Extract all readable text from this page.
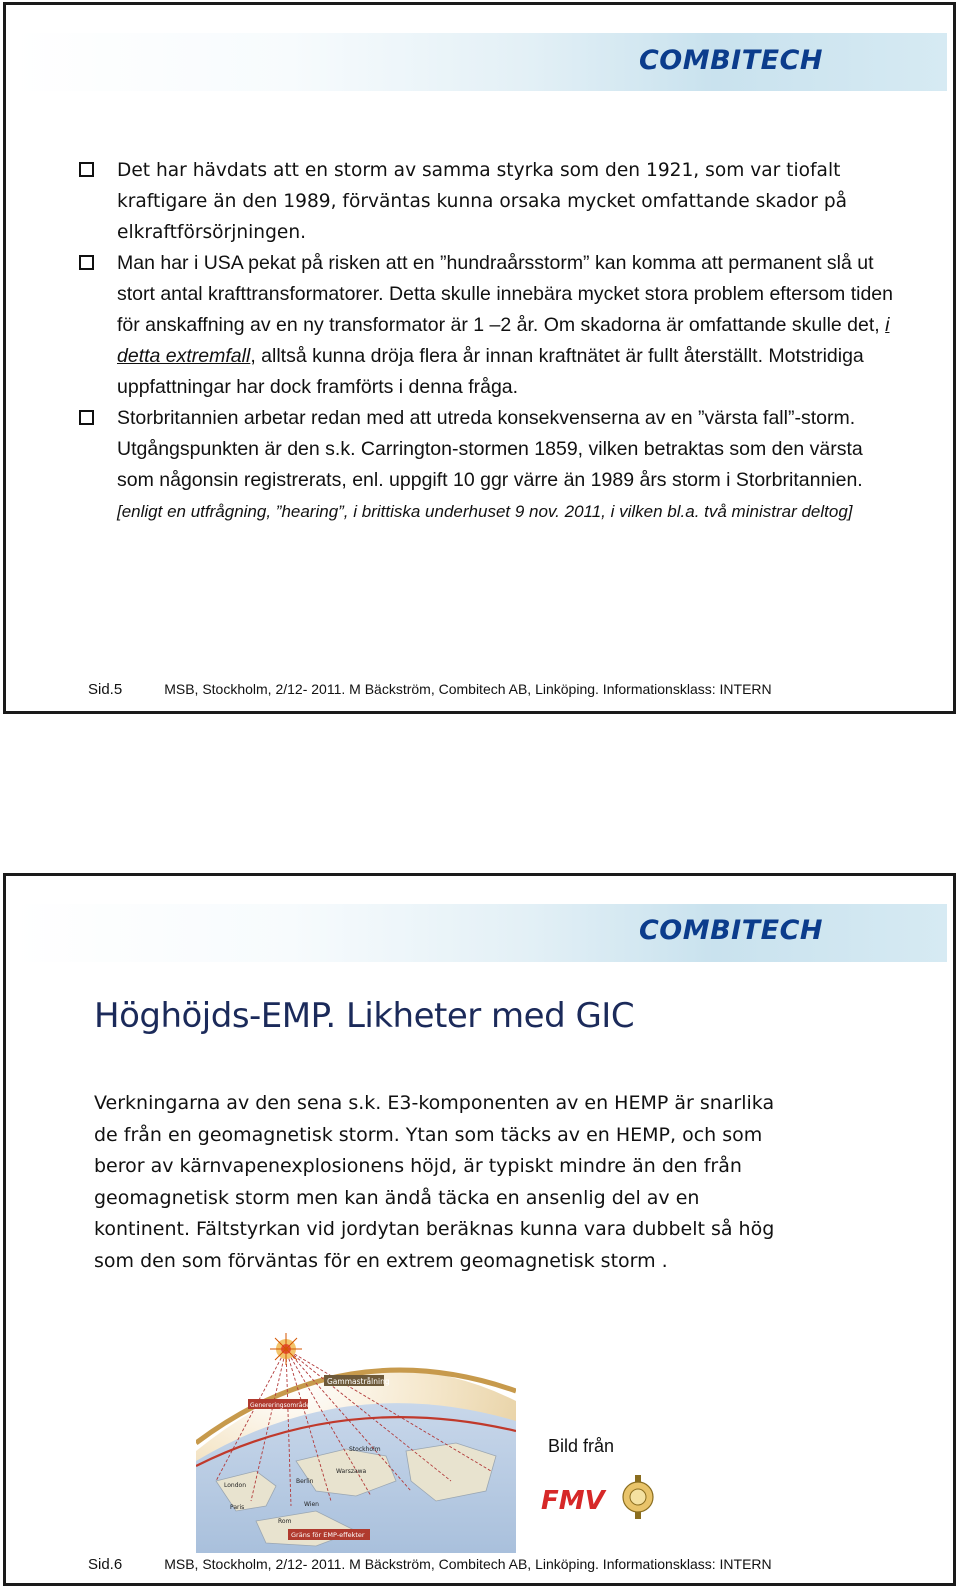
COMBITECH
Det har hävdats att en storm av samma styrka som den 1921, som var tiofalt kraftigare än den 1989, förväntas kunna orsaka mycket omfattande skador på elkraftförsörjningen.
Man har i USA pekat på risken att en ”hundraårsstorm” kan komma att permanent slå ut stort antal krafttransformatorer. Detta skulle innebära mycket stora problem eftersom tiden för anskaffning av en ny transformator är 1 –2 år. Om skadorna är omfattande skulle det, i detta extremfall, alltså kunna dröja flera år innan kraftnätet är fullt återställt. Motstridiga uppfattningar har dock framförts i denna fråga.
Storbritannien arbetar redan med att utreda konsekvenserna av en ”värsta fall”-storm. Utgångspunkten är den s.k. Carrington-stormen 1859, vilken betraktas som den värsta som någonsin registrerats, enl. uppgift 10 ggr värre än 1989 års storm i Storbritannien. [enligt en utfrågning, ”hearing”, i brittiska underhuset 9 nov. 2011, i vilken bl.a. två ministrar deltog]
Sid.5	MSB, Stockholm, 2/12- 2011. M Bäckström, Combitech AB, Linköping. Informationsklass: INTERN
COMBITECH
Höghöjds-EMP. Likheter med GIC

Verkningarna av den sena s.k. E3-komponenten av en HEMP är snarlika de från en geomagnetisk storm. Ytan som täcks av en HEMP, och som beror av kärnvapenexplosionens höjd, är typiskt mindre än den från geomagnetisk storm men kan ändå täcka en ansenlig del av en kontinent. Fältstyrkan vid jordytan beräknas kunna vara dubbelt så hög som den som förväntas för en extrem geomagnetisk storm .

Gammastrålning
Genereringsområde
Gräns för EMP-effekter
Stockholm
London
Berlin
Warszawa
Paris	Wien
Rom
Bild från
FMV
Sid.6	MSB, Stockholm, 2/12- 2011. M Bäckström, Combitech AB, Linköping. Informationsklass: INTERN
